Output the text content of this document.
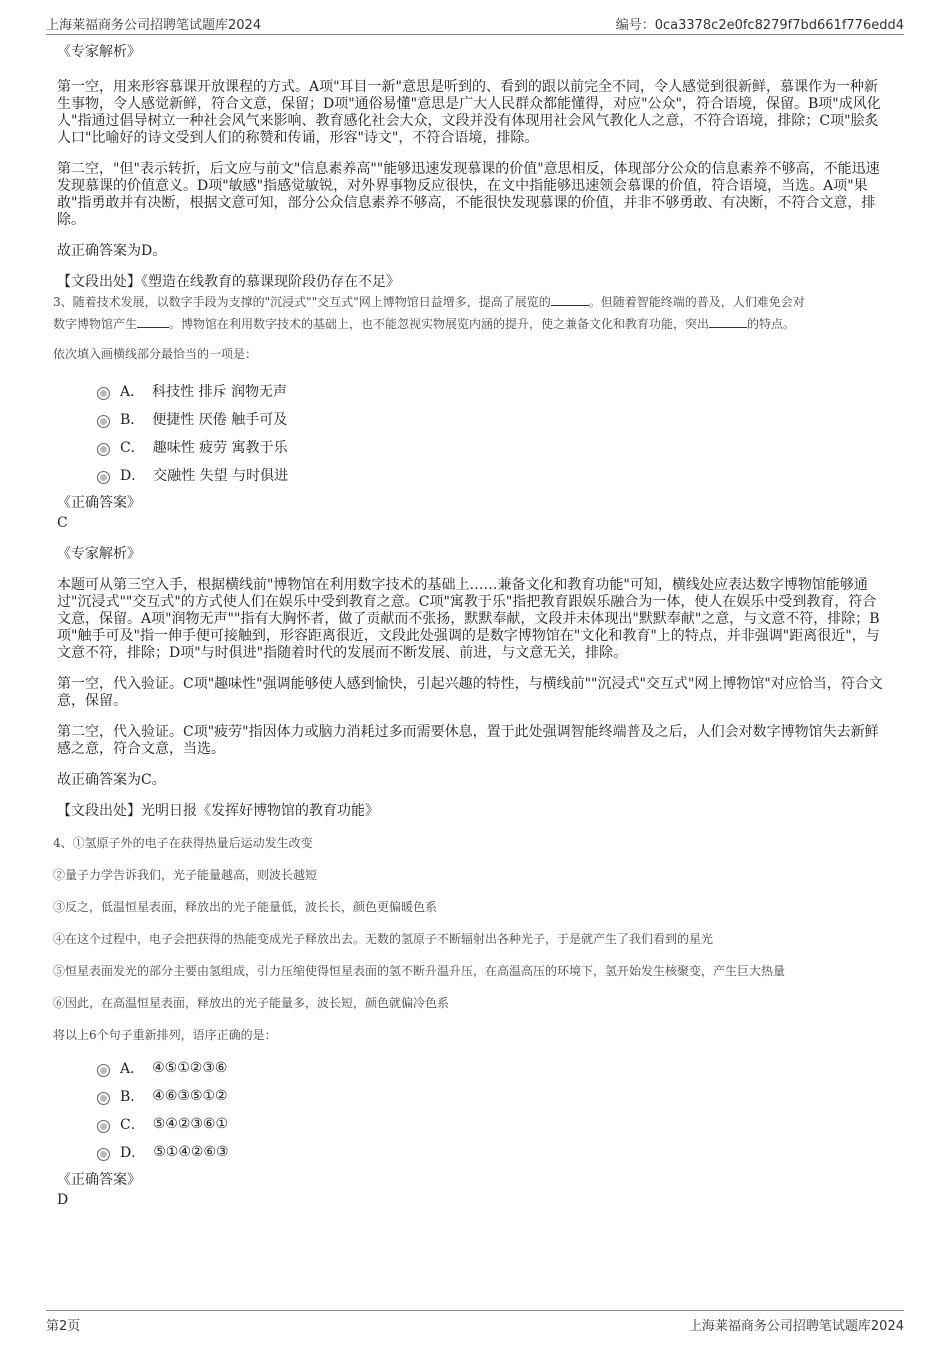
上海莱福商务公司招聘笔试题库2024	编号：0ca3378c2e0fc8279f7bd661f776edd4

《专家解析》

第一空，用来形容慕课开放课程的方式。A项"耳目一新"意思是听到的、看到的跟以前完全不同，令人感觉到很新鲜，慕课作为一种新生事物，令人感觉新鲜，符合文意，保留；D项"通俗易懂"意思是广大人民群众都能懂得，对应"公众"，符合语境，保留。B项"成风化人"指通过倡导树立一种社会风气来影响、教育感化社会大众，文段并没有体现用社会风气教化人之意，不符合语境，排除；C项"脍炙人口"比喻好的诗文受到人们的称赞和传诵，形容"诗文"，不符合语境，排除。

第二空，"但"表示转折，后文应与前文"信息素养高""能够迅速发现慕课的价值"意思相反，体现部分公众的信息素养不够高，不能迅速发现慕课的价值意义。D项"敏感"指感觉敏锐，对外界事物反应很快，在文中指能够迅速领会慕课的价值，符合语境，当选。A项"果敢"指勇敢并有决断，根据文意可知，部分公众信息素养不够高，不能很快发现慕课的价值，并非不够勇敢、有决断，不符合文意，排除。

故正确答案为D。

【文段出处】《塑造在线教育的慕课现阶段仍存在不足》

3、随着技术发展，以数字手段为支撑的"沉浸式""交互式"网上博物馆日益增多，提高了展览的	。但随着智能终端的普及，人们难免会对
数字博物馆产生	。博物馆在利用数字技术的基础上，也不能忽视实物展览内涵的提升，使之兼备文化和教育功能，突出	的特点。

依次填入画横线部分最恰当的一项是：

A． 科技性 排斥 润物无声
B． 便捷性 厌倦 触手可及
C． 趣味性 疲劳 寓教于乐
D． 交融性 失望 与时俱进

《正确答案》

C

《专家解析》

本题可从第三空入手，根据横线前"博物馆在利用数字技术的基础上……兼备文化和教育功能"可知，横线处应表达数字博物馆能够通过"沉浸式""交互式"的方式使人们在娱乐中受到教育之意。C项"寓教于乐"指把教育跟娱乐融合为一体，使人在娱乐中受到教育，符合文意，保留。A项"润物无声""指有大胸怀者，做了贡献而不张扬，默默奉献，文段并未体现出"默默奉献"之意，与文意不符，排除；B项"触手可及"指一伸手便可接触到，形容距离很近，文段此处强调的是数字博物馆在"文化和教育"上的特点，并非强调"距离很近"，与文意不符，排除；D项"与时俱进"指随着时代的发展而不断发展、前进，与文意无关，排除。

第一空，代入验证。C项"趣味性"强调能够使人感到愉快，引起兴趣的特性，与横线前""沉浸式"交互式"网上博物馆"对应恰当，符合文意，保留。

第二空，代入验证。C项"疲劳"指因体力或脑力消耗过多而需要休息，置于此处强调智能终端普及之后，人们会对数字博物馆失去新鲜感之意，符合文意，当选。

故正确答案为C。

【文段出处】光明日报《发挥好博物馆的教育功能》

4、①氢原子外的电子在获得热量后运动发生改变

②量子力学告诉我们，光子能量越高，则波长越短

③反之，低温恒星表面，释放出的光子能量低，波长长，颜色更偏暖色系

④在这个过程中，电子会把获得的热能变成光子释放出去。无数的氢原子不断辐射出各种光子，于是就产生了我们看到的星光

⑤恒星表面发光的部分主要由氢组成，引力压缩使得恒星表面的氢不断升温升压，在高温高压的环境下，氢开始发生核聚变，产生巨大热量

⑥因此，在高温恒星表面，释放出的光子能量多，波长短，颜色就偏冷色系

将以上6个句子重新排列，语序正确的是：

A． ④⑤①②③⑥
B． ④⑥③⑤①②
C． ⑤④②③⑥①
D． ⑤①④②⑥③

《正确答案》

D

第2页	上海莱福商务公司招聘笔试题库2024
